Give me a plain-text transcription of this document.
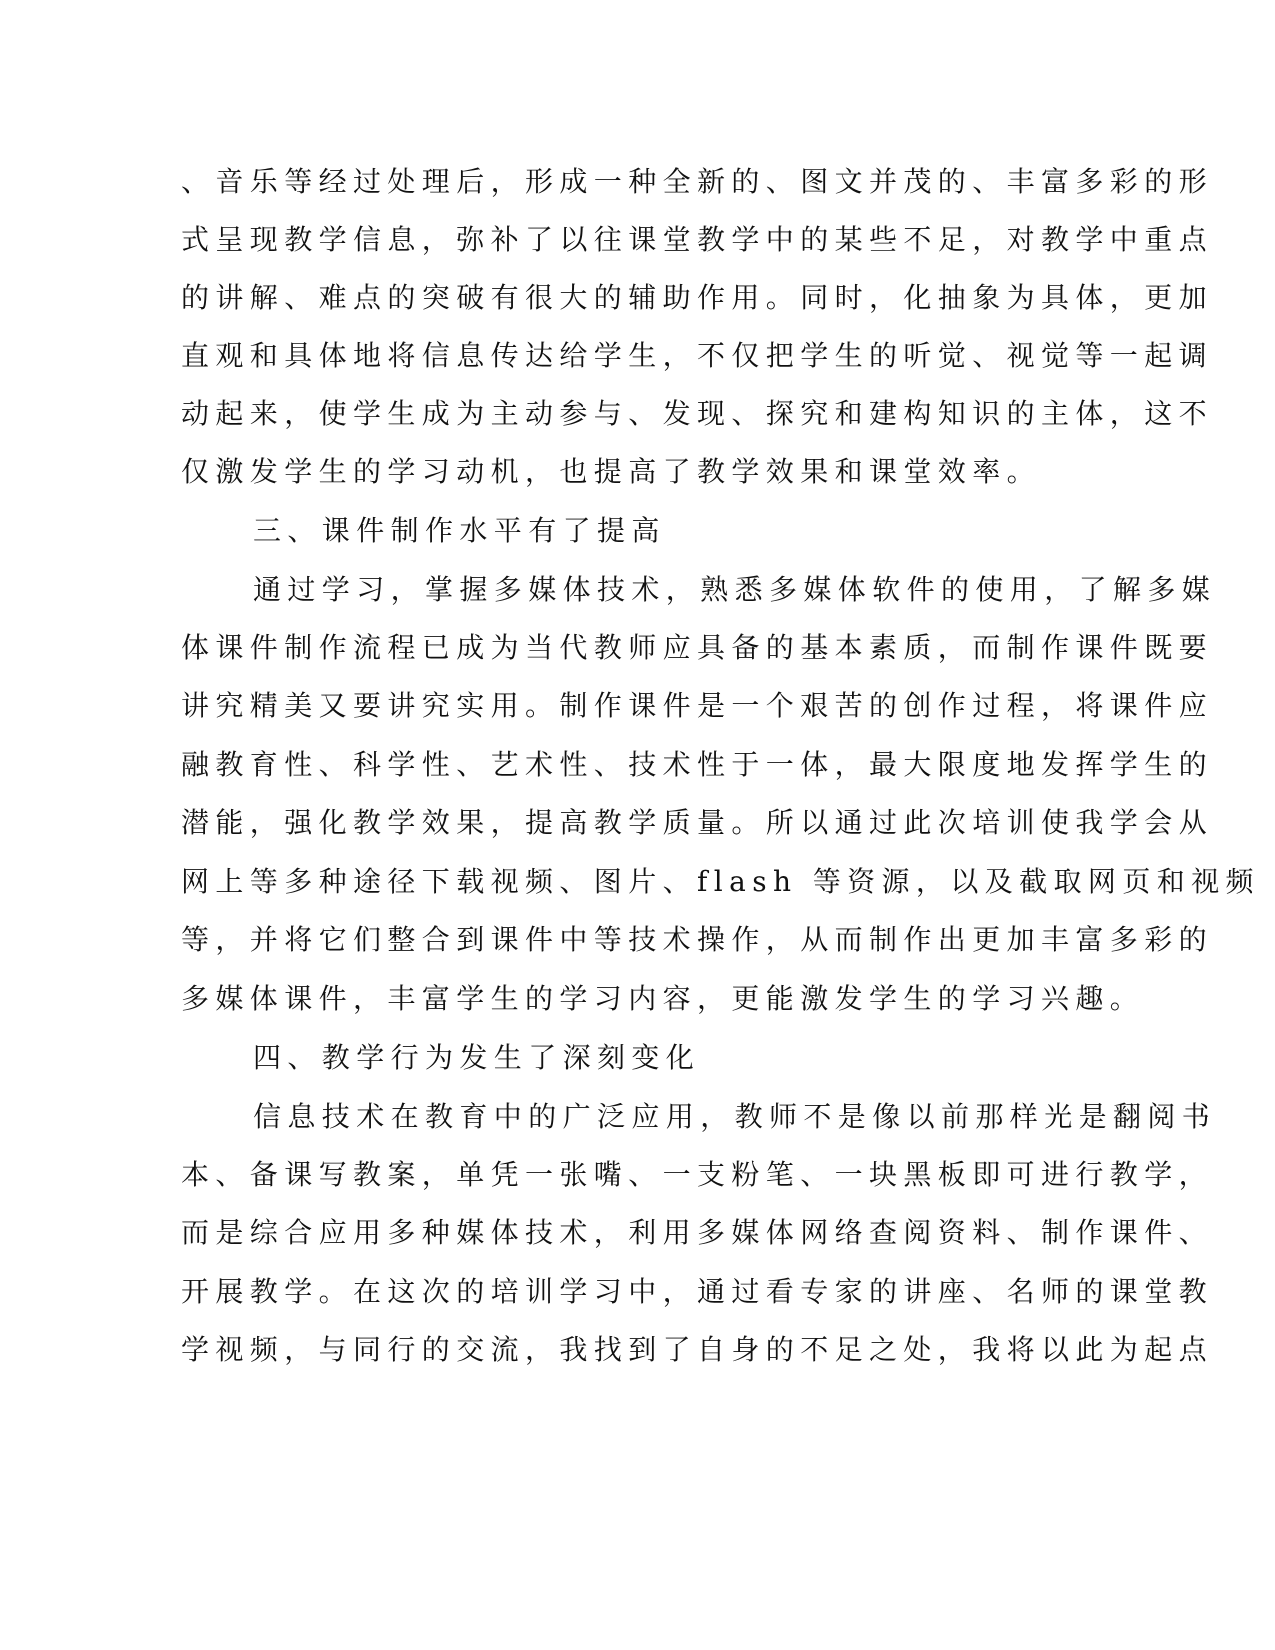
、音乐等经过处理后，形成一种全新的、图文并茂的、丰富多彩的形
式呈现教学信息，弥补了以往课堂教学中的某些不足，对教学中重点
的讲解、难点的突破有很大的辅助作用。同时，化抽象为具体，更加
直观和具体地将信息传达给学生，不仅把学生的听觉、视觉等一起调
动起来，使学生成为主动参与、发现、探究和建构知识的主体，这不
仅激发学生的学习动机，也提高了教学效果和课堂效率。
三、课件制作水平有了提高
通过学习，掌握多媒体技术，熟悉多媒体软件的使用，了解多媒
体课件制作流程已成为当代教师应具备的基本素质，而制作课件既要
讲究精美又要讲究实用。制作课件是一个艰苦的创作过程，将课件应
融教育性、科学性、艺术性、技术性于一体，最大限度地发挥学生的
潜能，强化教学效果，提高教学质量。所以通过此次培训使我学会从
网上等多种途径下载视频、图片、flash 等资源，以及截取网页和视频
等，并将它们整合到课件中等技术操作，从而制作出更加丰富多彩的
多媒体课件，丰富学生的学习内容，更能激发学生的学习兴趣。
四、教学行为发生了深刻变化
信息技术在教育中的广泛应用，教师不是像以前那样光是翻阅书
本、备课写教案，单凭一张嘴、一支粉笔、一块黑板即可进行教学，
而是综合应用多种媒体技术，利用多媒体网络查阅资料、制作课件、
开展教学。在这次的培训学习中，通过看专家的讲座、名师的课堂教
学视频，与同行的交流，我找到了自身的不足之处，我将以此为起点
